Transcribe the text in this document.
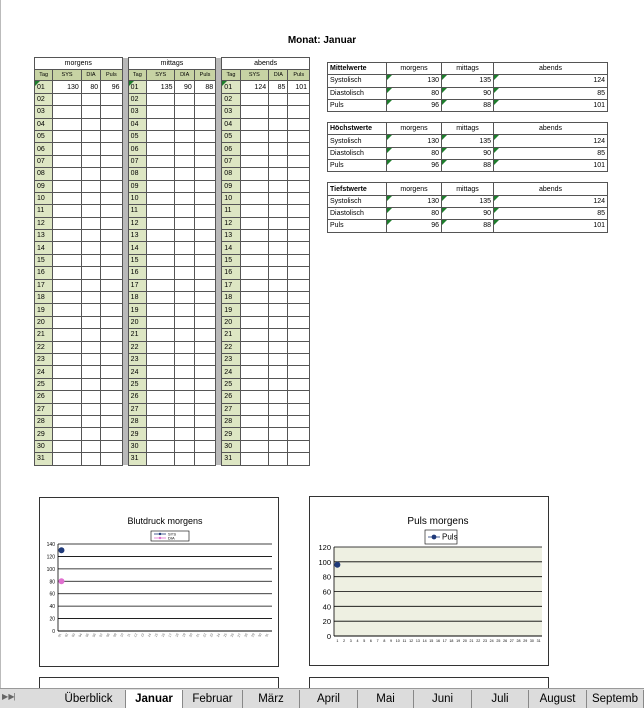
Monat: Januar
morgens					mittags					abends			
Tag	SYS	DIA	Puls		Tag	SYS	DIA	Puls		Tag	SYS	DIA	Puls

01	130	80	96		01	135	90	88		01	124	85	101
02					02					02			
03					03					03			
04					04					04			
05					05					05			
06					06					06			
07					07					07			
08					08					08			
09					09					09			
10					10					10			
11					11					11			
12					12					12			
13					13					13			
14					14					14			
15					15					15			
16					16					16			
17					17					17			
18					18					18			
19					19					19			
20					20					20			
21					21					21			
22					22					22			
23					23					23			
24					24					24			
25					25					25			
26					26					26			
27					27					27			
28					28					28			
29					29					29			
30					30					30			
31					31					31			
Mittelwerte	morgens	mittags	abends
Systolisch	130	135	124
Diastolisch	80	90	85
Puls	96	88	101

Höchstwerte	morgens	mittags	abends
Systolisch	130	135	124
Diastolisch	80	90	85
Puls	96	88	101

Tiefstwerte	morgens	mittags	abends
Systolisch	130	135	124
Diastolisch	80	90	85
Puls	96	88	101
Blutdruck morgens
0
20
40
60
80
100
120
140
01 02 03 04 05 06 07 08 09 10 11 12 13 14 15 16 17 18 19 20 21 22 23 24 25 26 27 28 29 30 31
SYS
DIA
Puls morgens
0
20
40
60
80
100
120
1 2 3 4 5 6 7 8 9 10 11 12 13 14 15 16 17 18 19 20 21 22 23 24 25 26 27 28 29 30 31
Puls
▶ ▶|	Überblick	Januar	Februar	März	April	Mai	Juni	Juli	August	Septemb
